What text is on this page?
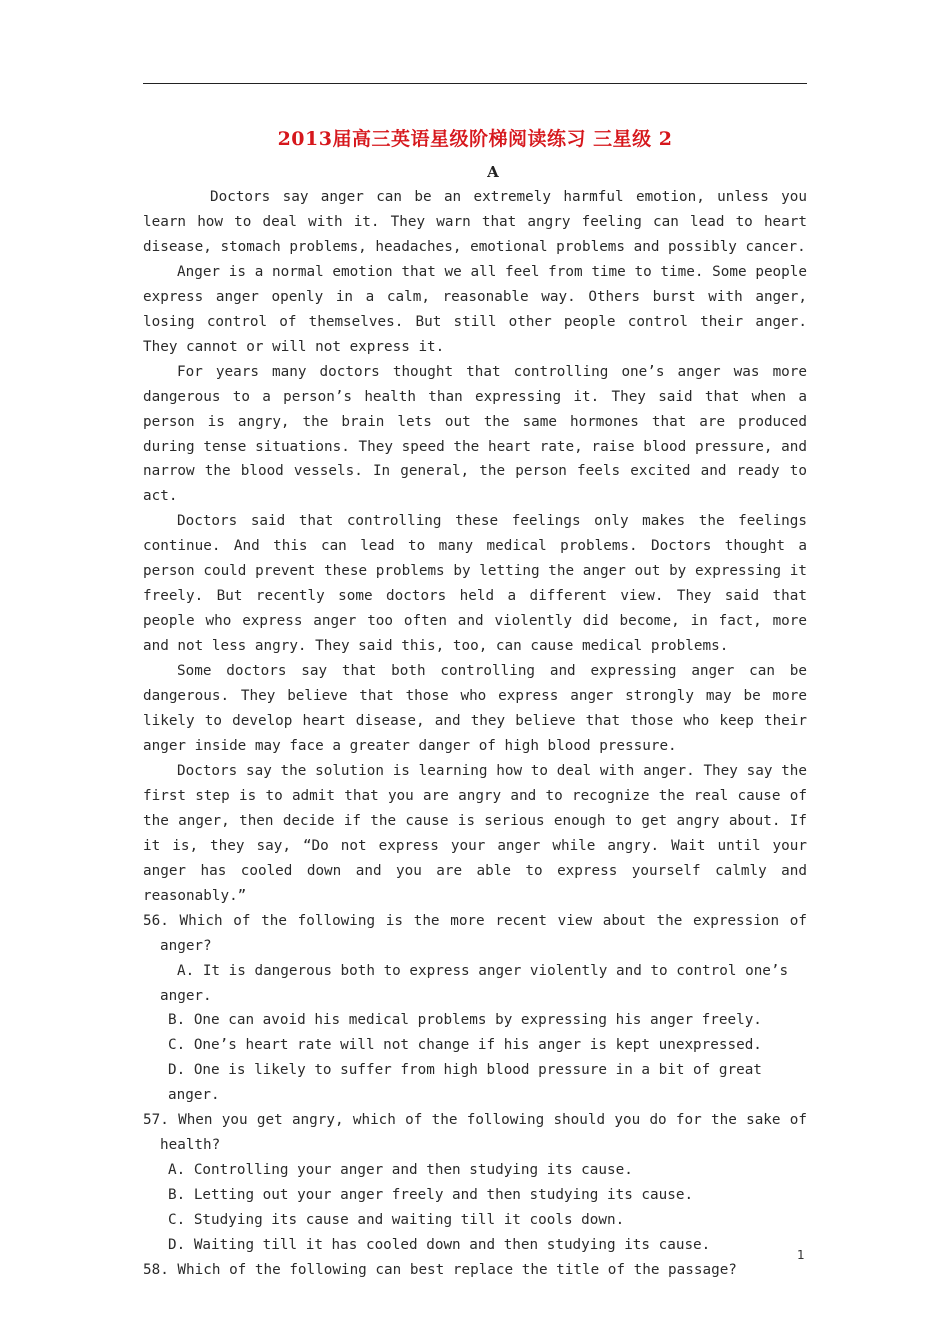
2013届高三英语星级阶梯阅读练习 三星级 2
A

Doctors say anger can be an extremely harmful emotion, unless you learn how to deal with it. They warn that angry feeling can lead to heart disease, stomach problems, headaches, emotional problems and possibly cancer.

Anger is a normal emotion that we all feel from time to time. Some people express anger openly in a calm, reasonable way. Others burst with anger, losing control of themselves. But still other people control their anger. They cannot or will not express it.

For years many doctors thought that controlling one’s anger was more dangerous to a person’s health than expressing it. They said that when a person is angry, the brain lets out the same hormones that are produced during tense situations. They speed the heart rate, raise blood pressure, and narrow the blood vessels. In general, the person feels excited and ready to act.

Doctors said that controlling these feelings only makes the feelings continue. And this can lead to many medical problems. Doctors thought a person could prevent these problems by letting the anger out by expressing it freely. But recently some doctors held a different view. They said that people who express anger too often and violently did become, in fact, more and not less angry. They said this, too, can cause medical problems.

Some doctors say that both controlling and expressing anger can be dangerous. They believe that those who express anger strongly may be more likely to develop heart disease, and they believe that those who keep their anger inside may face a greater danger of high blood pressure.

Doctors say the solution is learning how to deal with anger. They say the first step is to admit that you are angry and to recognize the real cause of the anger, then decide if the cause is serious enough to get angry about. If it is, they say, “Do not express your anger while angry. Wait until your anger has cooled down and you are able to express yourself calmly and reasonably.”

56. Which of the following is the more recent view about the expression of anger?

A. It is dangerous both to express anger violently and to control one’s anger.

B. One can avoid his medical problems by expressing his anger freely.

C. One’s heart rate will not change if his anger is kept unexpressed.

D. One is likely to suffer from high blood pressure in a bit of great anger.

57. When you get angry, which of the following should you do for the sake of health?

A. Controlling your anger and then studying its cause.

B. Letting out your anger freely and then studying its cause.

C. Studying its cause and waiting till it cools down.

D. Waiting till it has cooled down and then studying its cause.

58. Which of the following can best replace the title of the passage?

1
